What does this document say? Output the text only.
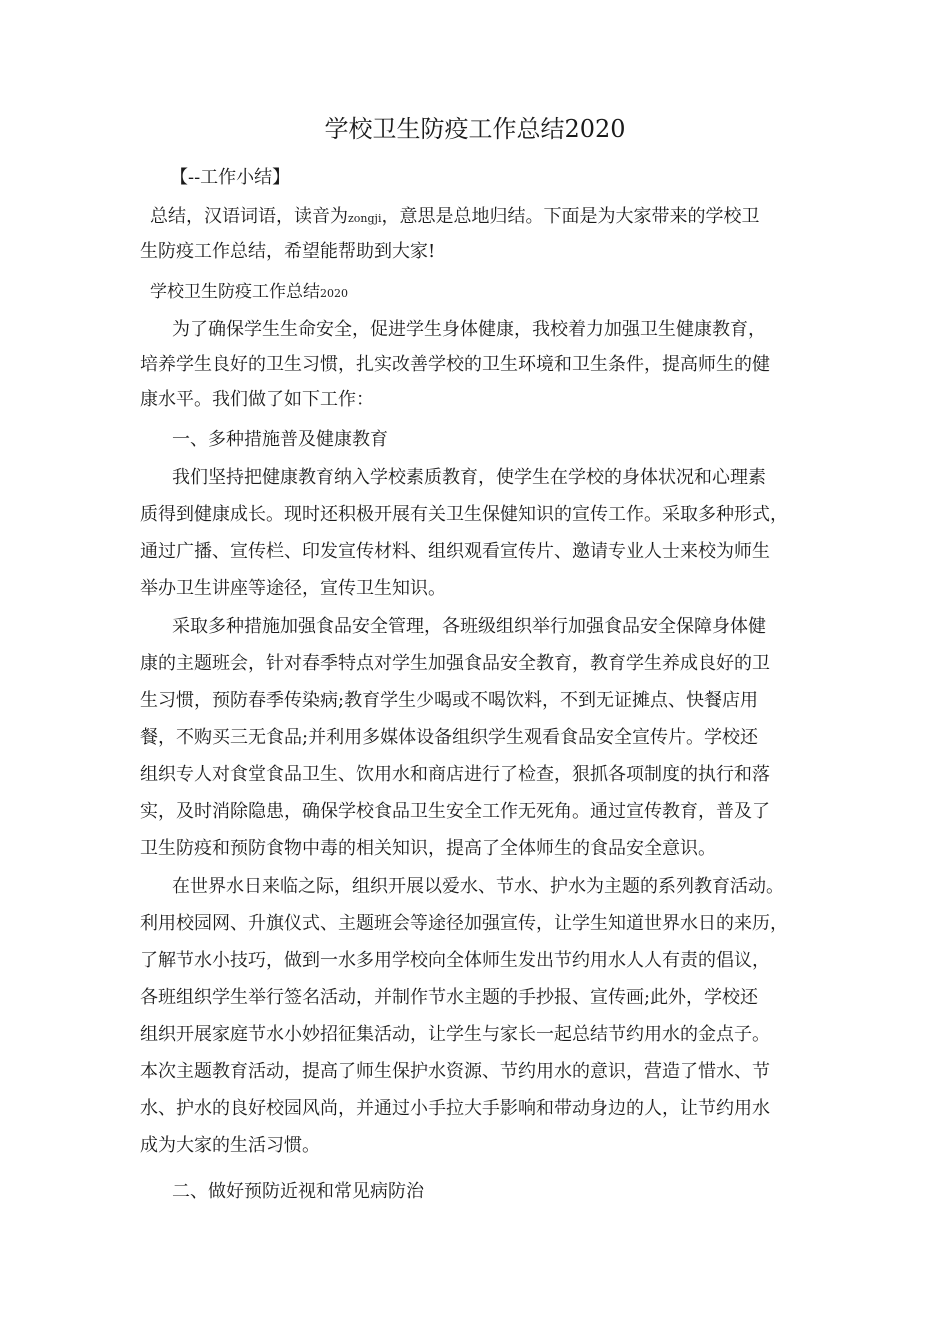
学校卫生防疫工作总结2020
【--工作小结】
总结，汉语词语，读音为zongji，意思是总地归结。下面是为大家带来的学校卫
生防疫工作总结，希望能帮助到大家!
学校卫生防疫工作总结2020
为了确保学生生命安全，促进学生身体健康，我校着力加强卫生健康教育，
培养学生良好的卫生习惯，扎实改善学校的卫生环境和卫生条件，提高师生的健
康水平。我们做了如下工作：
一、多种措施普及健康教育
我们坚持把健康教育纳入学校素质教育，使学生在学校的身体状况和心理素
质得到健康成长。现时还积极开展有关卫生保健知识的宣传工作。采取多种形式，
通过广播、宣传栏、印发宣传材料、组织观看宣传片、邀请专业人士来校为师生
举办卫生讲座等途径，宣传卫生知识。
采取多种措施加强食品安全管理，各班级组织举行加强食品安全保障身体健
康的主题班会，针对春季特点对学生加强食品安全教育，教育学生养成良好的卫
生习惯，预防春季传染病;教育学生少喝或不喝饮料，不到无证摊点、快餐店用
餐，不购买三无食品;并利用多媒体设备组织学生观看食品安全宣传片。学校还
组织专人对食堂食品卫生、饮用水和商店进行了检查，狠抓各项制度的执行和落
实，及时消除隐患，确保学校食品卫生安全工作无死角。通过宣传教育，普及了
卫生防疫和预防食物中毒的相关知识，提高了全体师生的食品安全意识。
在世界水日来临之际，组织开展以爱水、节水、护水为主题的系列教育活动。
利用校园网、升旗仪式、主题班会等途径加强宣传，让学生知道世界水日的来历，
了解节水小技巧，做到一水多用学校向全体师生发出节约用水人人有责的倡议，
各班组织学生举行签名活动，并制作节水主题的手抄报、宣传画;此外，学校还
组织开展家庭节水小妙招征集活动，让学生与家长一起总结节约用水的金点子。
本次主题教育活动，提高了师生保护水资源、节约用水的意识，营造了惜水、节
水、护水的良好校园风尚，并通过小手拉大手影响和带动身边的人，让节约用水
成为大家的生活习惯。
二、做好预防近视和常见病防治
